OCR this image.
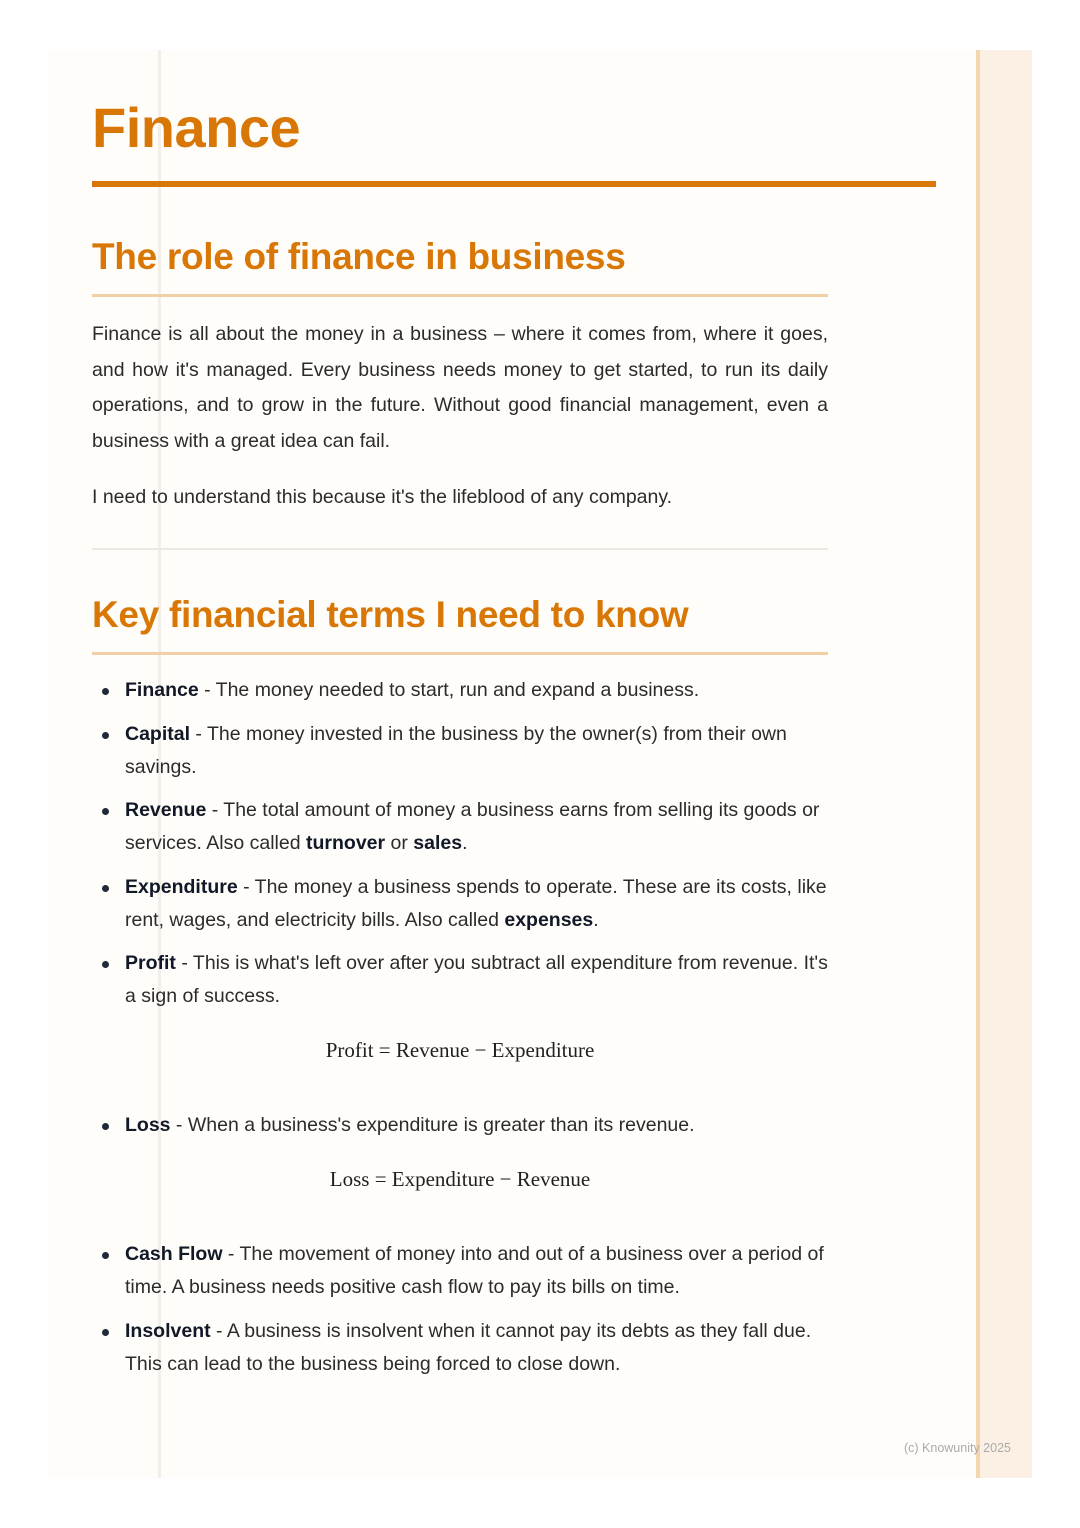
Finance
The role of finance in business

Finance is all about the money in a business – where it comes from, where it goes, and how it's managed. Every business needs money to get started, to run its daily operations, and to grow in the future. Without good financial management, even a business with a great idea can fail.

I need to understand this because it's the lifeblood of any company.

Key financial terms I need to know
Finance - The money needed to start, run and expand a business.
Capital - The money invested in the business by the owner(s) from their own savings.
Revenue - The total amount of money a business earns from selling its goods or services. Also called turnover or sales.
Expenditure - The money a business spends to operate. These are its costs, like rent, wages, and electricity bills. Also called expenses.
Profit - This is what's left over after you subtract all expenditure from revenue. It's a sign of success.
Profit = Revenue − Expenditure
Loss - When a business's expenditure is greater than its revenue.
Loss = Expenditure − Revenue
Cash Flow - The movement of money into and out of a business over a period of time. A business needs positive cash flow to pay its bills on time.
Insolvent - A business is insolvent when it cannot pay its debts as they fall due. This can lead to the business being forced to close down.
(c) Knowunity 2025
